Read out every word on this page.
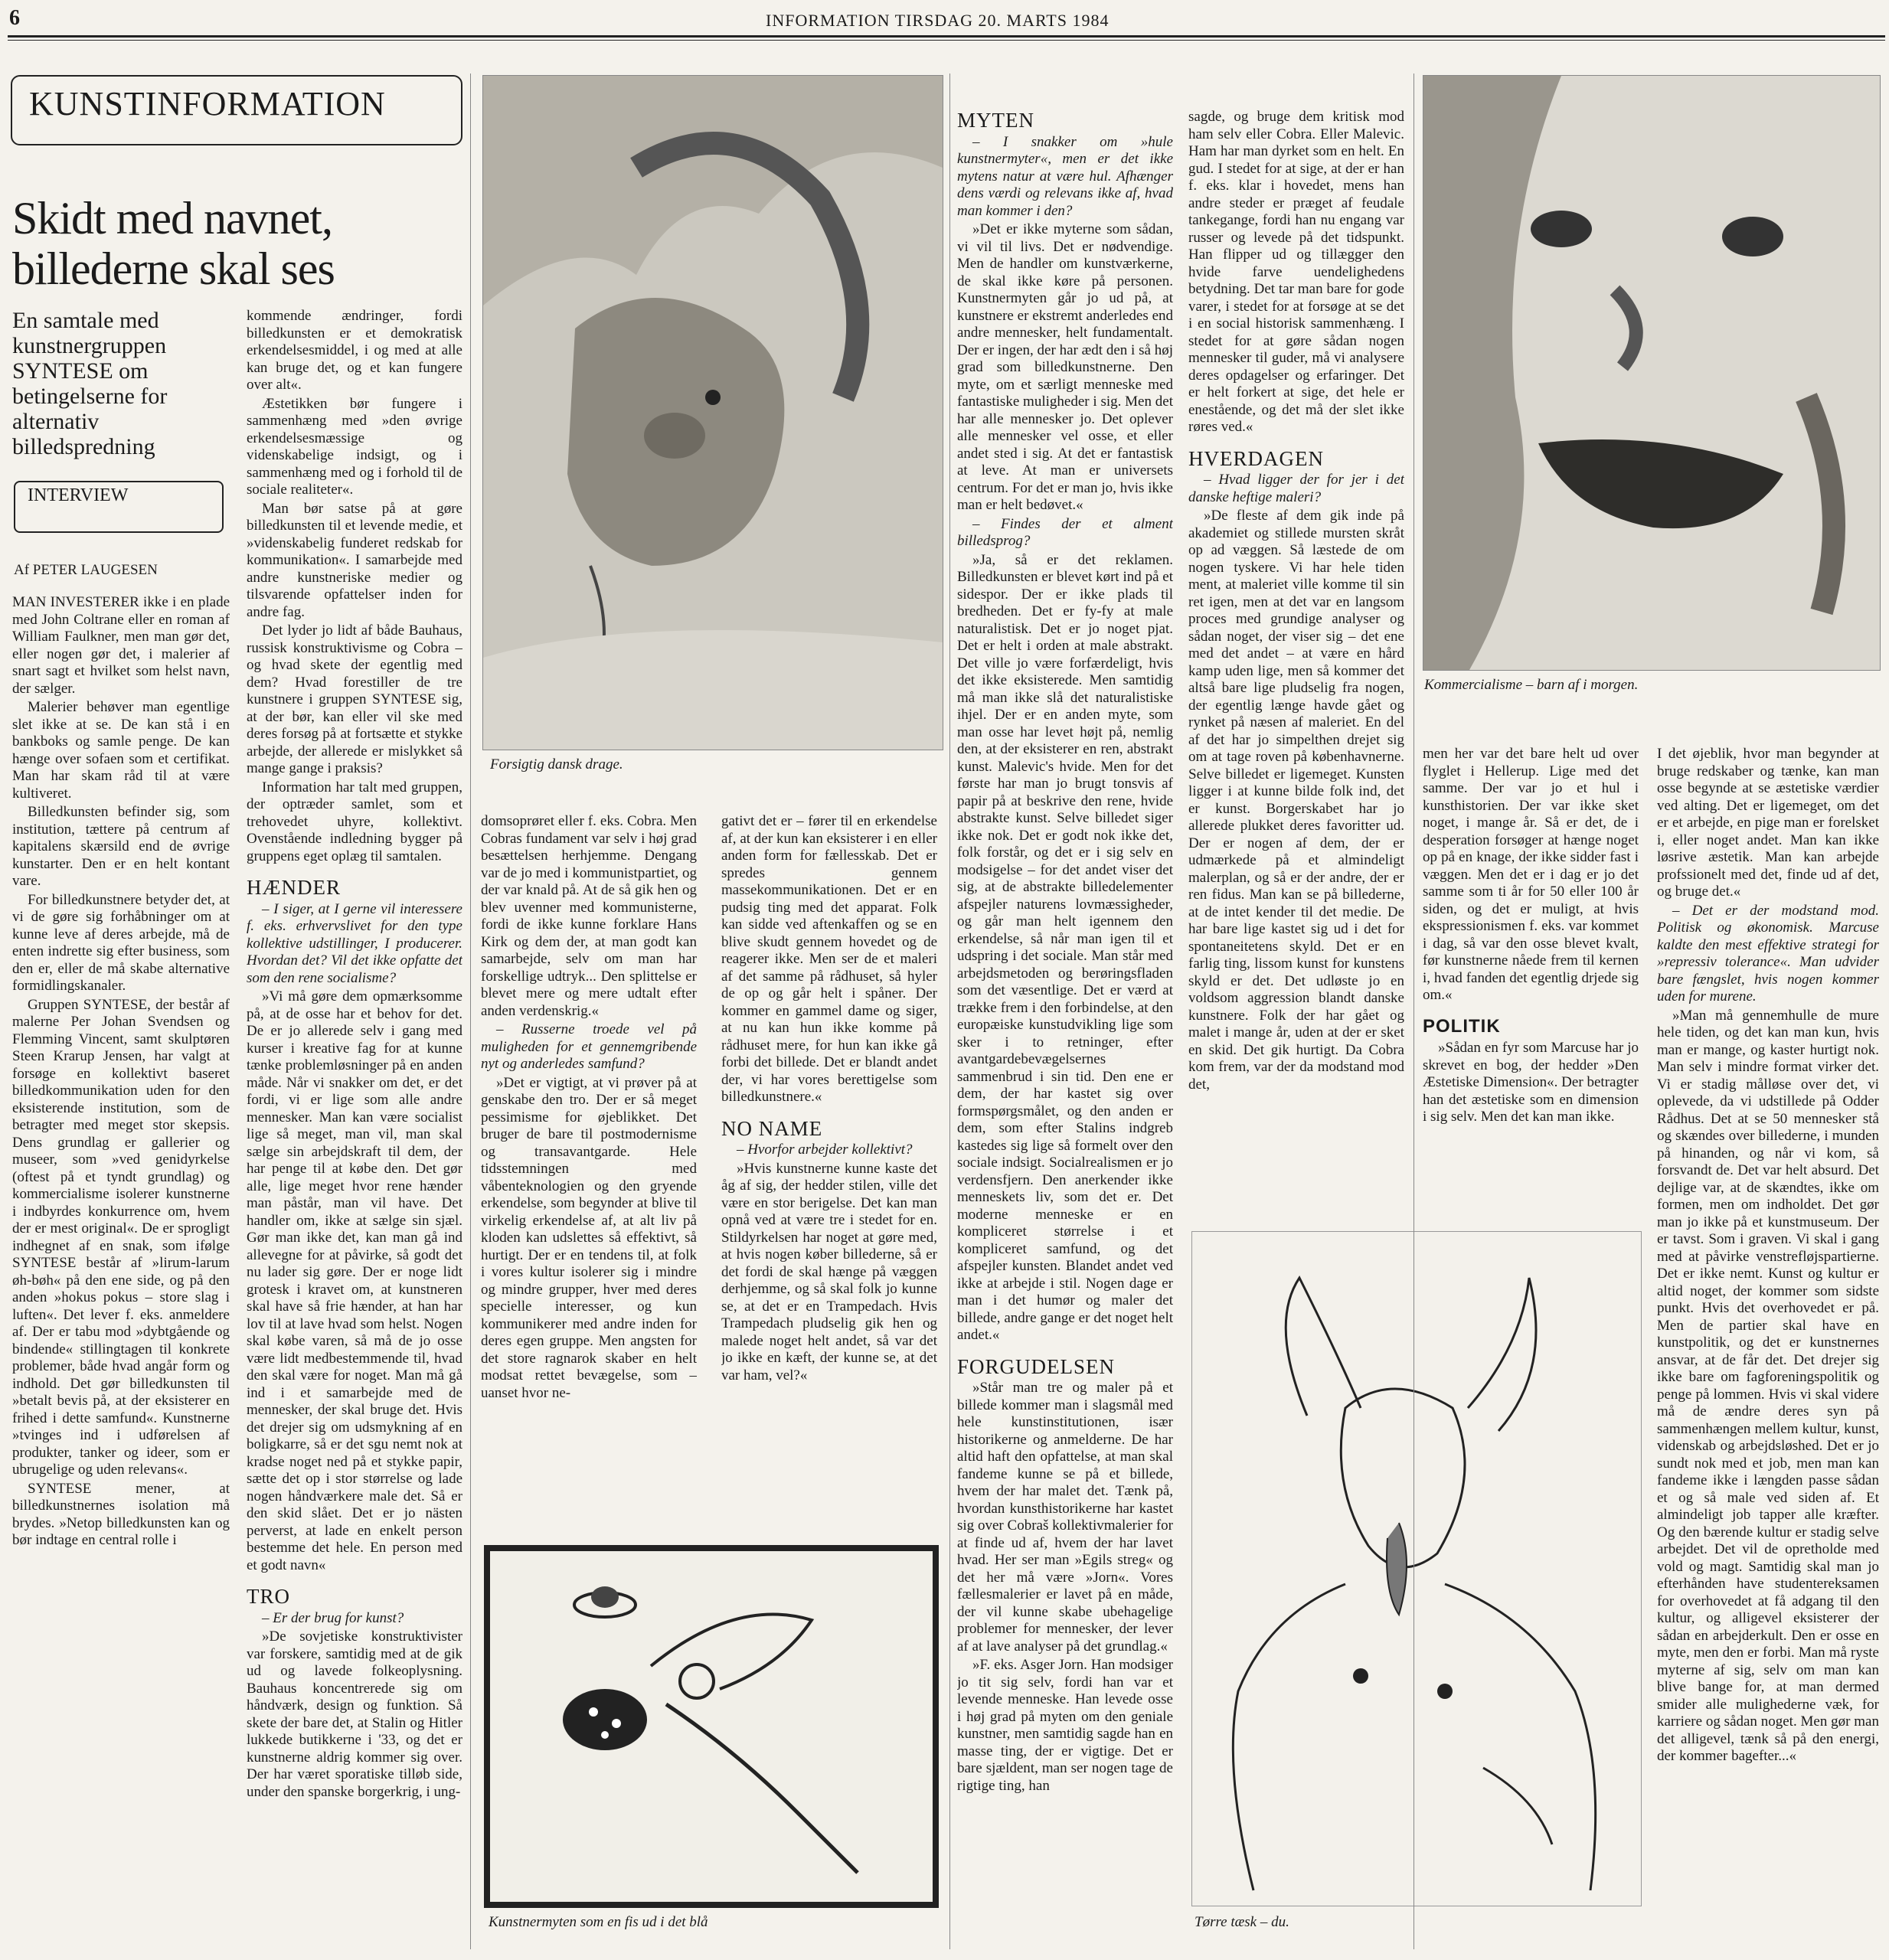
6	INFORMATION TIRSDAG 20. MARTS 1984
KUNSTINFORMATION
Skidt med navnet, billederne skal ses
En samtale med kunstnergruppen SYNTESE om betingelserne for alternativ billedspredning
INTERVIEW
Af PETER LAUGESEN

MAN INVESTERER ikke i en plade med John Coltrane eller en roman af William Faulkner, men man gør det, eller nogen gør det, i malerier af snart sagt et hvilket som helst navn, der sælger.

Malerier behøver man egentlige slet ikke at se. De kan stå i en bankboks og samle penge. De kan hænge over sofaen som et certifikat. Man har skam råd til at være kultiveret.

Billedkunsten befinder sig, som institution, tættere på centrum af kapitalens skærsild end de øvrige kunstarter. Den er en helt kontant vare.

For billedkunstnere betyder det, at vi de gøre sig forhåbninger om at kunne leve af deres arbejde, må de enten indrette sig efter business, som den er, eller de må skabe alternative formidlingskanaler.

Gruppen SYNTESE, der består af malerne Per Johan Svendsen og Flemming Vincent, samt skulptøren Steen Krarup Jensen, har valgt at forsøge en kollektivt baseret billedkommunikation uden for den eksisterende institution, som de betragter med meget stor skepsis. Dens grundlag er gallerier og museer, som »ved genidyrkelse (oftest på et tyndt grundlag) og kommercialisme isolerer kunstnerne i indbyrdes konkurrence om, hvem der er mest original«. De er sprogligt indhegnet af en snak, som ifølge SYNTESE består af »lirum-larum øh-bøh« på den ene side, og på den anden »hokus pokus – store slag i luften«. Det lever f. eks. anmeldere af. Der er tabu mod »dybtgående og bindende« stillingtagen til konkrete problemer, både hvad angår form og indhold. Det gør billedkunsten til »betalt bevis på, at der eksisterer en frihed i dette samfund«. Kunstnerne »tvinges ind i udførelsen af produkter, tanker og ideer, som er ubrugelige og uden relevans«.

SYNTESE mener, at billedkunstnernes isolation må brydes. »Netop billedkunsten kan og bør indtage en central rolle i

kommende ændringer, fordi billedkunsten er et demokratisk erkendelsesmiddel, i og med at alle kan bruge det, og et kan fungere over alt«.

Æstetikken bør fungere i sammenhæng med »den øvrige erkendelsesmæssige og videnskabelige indsigt, og i sammenhæng med og i forhold til de sociale realiteter«.

Man bør satse på at gøre billedkunsten til et levende medie, et »videnskabelig funderet redskab for kommunikation«. I samarbejde med andre kunstneriske medier og tilsvarende opfattelser inden for andre fag.

Det lyder jo lidt af både Bauhaus, russisk konstruktivisme og Cobra – og hvad skete der egentlig med dem? Hvad forestiller de tre kunstnere i gruppen SYNTESE sig, at der bør, kan eller vil ske med deres forsøg på at fortsætte et stykke arbejde, der allerede er mislykket så mange gange i praksis?

Information har talt med gruppen, der optræder samlet, som et trehovedet uhyre, kollektivt. Ovenstående indledning bygger på gruppens eget oplæg til samtalen.

HÆNDER

– I siger, at I gerne vil interessere f. eks. erhvervslivet for den type kollektive udstillinger, I producerer. Hvordan det? Vil det ikke opfatte det som den rene socialisme?

»Vi må gøre dem opmærksomme på, at de osse har et behov for det. De er jo allerede selv i gang med kurser i kreative fag for at kunne tænke problemløsninger på en anden måde. Når vi snakker om det, er det fordi, vi er lige som alle andre mennesker. Man kan være socialist lige så meget, man vil, man skal sælge sin arbejdskraft til dem, der har penge til at købe den. Det gør alle, lige meget hvor rene hænder man påstår, man vil have. Det handler om, ikke at sælge sin sjæl. Gør man ikke det, kan man gå ind allevegne for at påvirke, så godt det nu lader sig gøre. Der er noge lidt grotesk i kravet om, at kunstneren skal have så frie hænder, at han har lov til at lave hvad som helst. Nogen skal købe varen, så må de jo osse være lidt medbestemmende til, hvad den skal være for noget. Man må gå ind i et samarbejde med de mennesker, der skal bruge det. Hvis det drejer sig om udsmykning af en boligkarre, så er det sgu nemt nok at kradse noget ned på et stykke papir, sætte det op i stor størrelse og lade nogen håndværkere male det. Så er den skid slået. Det er jo nästen perverst, at lade en enkelt person bestemme det hele. En person med et godt navn«

TRO

– Er der brug for kunst?

»De sovjetiske konstruktivister var forskere, samtidig med at de gik ud og lavede folkeoplysning. Bauhaus koncentrerede sig om håndværk, design og funktion. Så skete der bare det, at Stalin og Hitler lukkede butikkerne i '33, og det er kunstnerne aldrig kommer sig over. Der har været sporatiske tilløb side, under den spanske borgerkrig, i ung-

Forsigtig dansk drage.

domsoprøret eller f. eks. Cobra. Men Cobras fundament var selv i høj grad besættelsen herhjemme. Dengang var de jo med i kommunistpartiet, og der var knald på. At de så gik hen og blev uvenner med kommunisterne, fordi de ikke kunne forklare Hans Kirk og dem der, at man godt kan samarbejde, selv om man har forskellige udtryk... Den splittelse er blevet mere og mere udtalt efter anden verdenskrig.«

– Russerne troede vel på muligheden for et gennemgribende nyt og anderledes samfund?

»Det er vigtigt, at vi prøver på at genskabe den tro. Der er så meget pessimisme for øjeblikket. Det bruger de bare til postmodernisme og transavantgarde. Hele tidsstemningen med våbenteknologien og den gryende erkendelse, som begynder at blive til virkelig erkendelse af, at alt liv på kloden kan udslettes så effektivt, så hurtigt. Der er en tendens til, at folk i vores kultur isolerer sig i mindre og mindre grupper, hver med deres specielle interesser, og kun kommunikerer med andre inden for deres egen gruppe. Men angsten for det store ragnarok skaber en helt modsat rettet bevægelse, som – uanset hvor ne-

gativt det er – fører til en erkendelse af, at der kun kan eksisterer i en eller anden form for fællesskab. Det er spredes gennem massekommunikationen. Det er en pudsig ting med det apparat. Folk kan sidde ved aftenkaffen og se en blive skudt gennem hovedet og de reagerer ikke. Men ser de et maleri af det samme på rådhuset, så hyler de op og går helt i spåner. Der kommer en gammel dame og siger, at nu kan hun ikke komme på rådhuset mere, for hun kan ikke gå forbi det billede. Det er blandt andet der, vi har vores berettigelse som billedkunstnere.«

NO NAME

– Hvorfor arbejder kollektivt?

»Hvis kunstnerne kunne kaste det åg af sig, der hedder stilen, ville det være en stor berigelse. Det kan man opnå ved at være tre i stedet for en. Stildyrkelsen har noget at gøre med, at hvis nogen køber billederne, så er det fordi de skal hænge på væggen derhjemme, og så skal folk jo kunne se, at det er en Trampedach. Hvis Trampedach pludselig gik hen og malede noget helt andet, så var det jo ikke en kæft, der kunne se, at det var ham, vel?«

Kunstnermyten som en fis ud i det blå
MYTEN

– I snakker om »hule kunstnermyter«, men er det ikke mytens natur at være hul. Afhænger dens værdi og relevans ikke af, hvad man kommer i den?

»Det er ikke myterne som sådan, vi vil til livs. Det er nødvendige. Men de handler om kunstværkerne, de skal ikke køre på personen. Kunstnermyten går jo ud på, at kunstnere er ekstremt anderledes end andre mennesker, helt fundamentalt. Der er ingen, der har ædt den i så høj grad som billedkunstnerne. Den myte, om et særligt menneske med fantastiske muligheder i sig. Men det har alle mennesker jo. Det oplever alle mennesker vel osse, et eller andet sted i sig. At det er fantastisk at leve. At man er universets centrum. For det er man jo, hvis ikke man er helt bedøvet.«

– Findes der et alment billedsprog?

»Ja, så er det reklamen. Billedkunsten er blevet kørt ind på et sidespor. Der er ikke plads til bredheden. Det er fy-fy at male naturalistisk. Det er jo noget pjat. Det er helt i orden at male abstrakt. Det ville jo være forfærdeligt, hvis det ikke eksisterede. Men samtidig må man ikke slå det naturalistiske ihjel. Der er en anden myte, som man osse har levet højt på, nemlig den, at der eksisterer en ren, abstrakt kunst. Malevic's hvide. Men for det første har man jo brugt tonsvis af papir på at beskrive den rene, hvide abstrakte kunst. Selve billedet siger ikke nok. Det er godt nok ikke det, folk forstår, og det er i sig selv en modsigelse – for det andet viser det sig, at de abstrakte billedelementer afspejler naturens lovmæssigheder, og går man helt igennem den erkendelse, så når man igen til et udspring i det sociale. Man står med arbejdsmetoden og berøringsfladen som det væsentlige. Det er værd at trække frem i den forbindelse, at den europæiske kunstudvikling lige som sker i to retninger, efter avantgardebevægelsernes sammenbrud i sin tid. Den ene er dem, der har kastet sig over formspørgsmålet, og den anden er dem, som efter Stalins indgreb kastedes sig lige så formelt over den sociale indsigt. Socialrealismen er jo verdensfjern. Den anerkender ikke menneskets liv, som det er. Det moderne menneske er en kompliceret størrelse i et kompliceret samfund, og det afspejler kunsten. Blandet andet ved ikke at arbejde i stil. Nogen dage er man i det humør og maler det billede, andre gange er det noget helt andet.«

FORGUDELSEN

»Står man tre og maler på et billede kommer man i slagsmål med hele kunstinstitutionen, især historikerne og anmelderne. De har altid haft den opfattelse, at man skal fandeme kunne se på et billede, hvem der har malet det. Tænk på, hvordan kunsthistorikerne har kastet sig over Cobraš kollektivmalerier for at finde ud af, hvem der har lavet hvad. Her ser man »Egils streg« og det her må være »Jorn«. Vores fællesmalerier er lavet på en måde, der vil kunne skabe ubehagelige problemer for mennesker, der lever af at lave analyser på det grundlag.«

»F. eks. Asger Jorn. Han modsiger jo tit sig selv, fordi han var et levende menneske. Han levede osse i høj grad på myten om den geniale kunstner, men samtidig sagde han en masse ting, der er vigtige. Det er bare sjældent, man ser nogen tage de rigtige ting, han

sagde, og bruge dem kritisk mod ham selv eller Cobra. Eller Malevic. Ham har man dyrket som en helt. En gud. I stedet for at sige, at der er han f. eks. klar i hovedet, mens han andre steder er præget af feudale tankegange, fordi han nu engang var russer og levede på det tidspunkt. Han flipper ud og tillægger den hvide farve uendelighedens betydning. Det tar man bare for gode varer, i stedet for at forsøge at se det i en social historisk sammenhæng. I stedet for at gøre sådan nogen mennesker til guder, må vi analysere deres opdagelser og erfaringer. Det er helt forkert at sige, det hele er enestående, og det må der slet ikke røres ved.«

HVERDAGEN

– Hvad ligger der for jer i det danske heftige maleri?

»De fleste af dem gik inde på akademiet og stillede mursten skråt op ad væggen. Så læstede de om nogen tyskere. Vi har hele tiden ment, at maleriet ville komme til sin ret igen, men at det var en langsom proces med grundige analyser og sådan noget, der viser sig – det ene med det andet – at være en hård kamp uden lige, men så kommer det altså bare lige pludselig fra nogen, der egentlig længe havde gået og rynket på næsen af maleriet. En del af det har jo simpelthen drejet sig om at tage roven på københavnerne. Selve billedet er ligemeget. Kunsten ligger i at kunne bilde folk ind, det er kunst. Borgerskabet har jo allerede plukket deres favoritter ud. Der er nogen af dem, der er udmærkede på et almindeligt malerplan, og så er der andre, der er ren fidus. Man kan se på billederne, at de intet kender til det medie. De har bare lige kastet sig ud i det for spontaneitetens skyld. Det er en farlig ting, lissom kunst for kunstens skyld er det. Det udløste jo en voldsom aggression blandt danske kunstnere. Folk der har gået og malet i mange år, uden at der er sket en skid. Det gik hurtigt. Da Cobra kom frem, var der da modstand mod det,

Kommercialisme – barn af i morgen.

men her var det bare helt ud over flyglet i Hellerup. Lige med det samme. Der var jo et hul i kunsthistorien. Der var ikke sket noget, i mange år. Så er det, de i desperation forsøger at hænge noget op på en knage, der ikke sidder fast i væggen. Men det er i dag er jo det samme som ti år for 50 eller 100 år siden, og det er muligt, at hvis ekspressionismen f. eks. var kommet i dag, så var den osse blevet kvalt, før kunstnerne nåede frem til kernen i, hvad fanden det egentlig drjede sig om.«

POLITIK

»Sådan en fyr som Marcuse har jo skrevet en bog, der hedder »Den Æstetiske Dimension«. Der betragter han det æstetiske som en dimension i sig selv. Men det kan man ikke.

I det øjeblik, hvor man begynder at bruge redskaber og tænke, kan man osse begynde at se æstetiske værdier ved alting. Det er ligemeget, om det er et arbejde, en pige man er forelsket i, eller noget andet. Man kan ikke løsrive æstetik. Man kan arbejde profssionelt med det, finde ud af det, og bruge det.«

– Det er der modstand mod. Politisk og økonomisk. Marcuse kaldte den mest effektive strategi for »repressiv tolerance«. Man udvider bare fængslet, hvis nogen kommer uden for murene.

»Man må gennemhulle de mure hele tiden, og det kan man kun, hvis man er mange, og kaster hurtigt nok. Man selv i mindre format virker det. Vi er stadig målløse over det, vi oplevede, da vi udstillede på Odder Rådhus. Det at se 50 mennesker stå og skændes over billederne, i munden på hinanden, og når vi kom, så forsvandt de. Det var helt absurd. Det dejlige var, at de skændtes, ikke om formen, men om indholdet. Det gør man jo ikke på et kunstmuseum. Der er tavst. Som i graven. Vi skal i gang med at påvirke venstrefløjspartierne. Det er ikke nemt. Kunst og kultur er altid noget, der kommer som sidste punkt. Hvis det overhovedet er på. Men de partier skal have en kunstpolitik, og det er kunstnernes ansvar, at de får det. Det drejer sig ikke bare om fagforeningspolitik og penge på lommen. Hvis vi skal videre må de ændre deres syn på sammenhængen mellem kultur, kunst, videnskab og arbejdsløshed. Det er jo sundt nok med et job, men man kan fandeme ikke i længden passe sådan et og så male ved siden af. Et almindeligt job tapper alle kræfter. Og den bærende kultur er stadig selve arbejdet. Det vil de opretholde med vold og magt. Samtidig skal man jo efterhånden have studentereksamen for overhovedet at få adgang til den kultur, og alligevel eksisterer der sådan en arbejderkult. Den er osse en myte, men den er forbi. Man må ryste myterne af sig, selv om man kan blive bange for, at man dermed smider alle mulighederne væk, for karriere og sådan noget. Men gør man det alligevel, tænk så på den energi, der kommer bagefter...«

Tørre tæsk – du.
